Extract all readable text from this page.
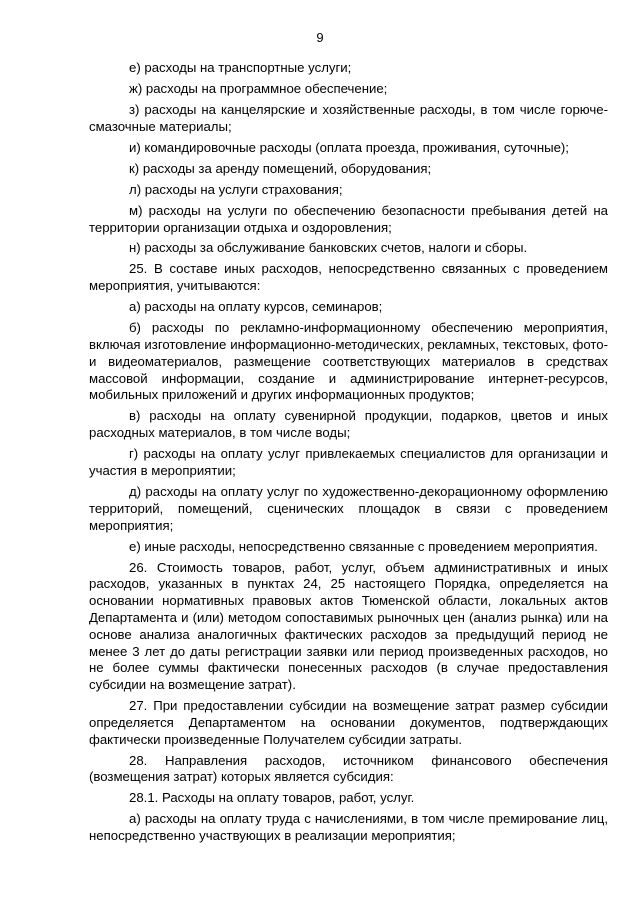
9

е) расходы на транспортные услуги;

ж) расходы на программное обеспечение;

з) расходы на канцелярские и хозяйственные расходы, в том числе горюче-смазочные материалы;

и) командировочные расходы (оплата проезда, проживания, суточные);

к) расходы за аренду помещений, оборудования;

л) расходы на услуги страхования;

м) расходы на услуги по обеспечению безопасности пребывания детей на территории организации отдыха и оздоровления;

н) расходы за обслуживание банковских счетов, налоги и сборы.

25. В составе иных расходов, непосредственно связанных с проведением мероприятия, учитываются:

а) расходы на оплату курсов, семинаров;

б) расходы по рекламно-информационному обеспечению мероприятия, включая изготовление информационно-методических, рекламных, текстовых, фото- и видеоматериалов, размещение соответствующих материалов в средствах массовой информации, создание и администрирование интернет-ресурсов, мобильных приложений и других информационных продуктов;

в) расходы на оплату сувенирной продукции, подарков, цветов и иных расходных материалов, в том числе воды;

г) расходы на оплату услуг привлекаемых специалистов для организации и участия в мероприятии;

д) расходы на оплату услуг по художественно-декорационному оформлению территорий, помещений, сценических площадок в связи с проведением мероприятия;

е) иные расходы, непосредственно связанные с проведением мероприятия.

26. Стоимость товаров, работ, услуг, объем административных и иных расходов, указанных в пунктах 24, 25 настоящего Порядка, определяется на основании нормативных правовых актов Тюменской области, локальных актов Департамента и (или) методом сопоставимых рыночных цен (анализ рынка) или на основе анализа аналогичных фактических расходов за предыдущий период не менее 3 лет до даты регистрации заявки или период произведенных расходов, но не более суммы фактически понесенных расходов (в случае предоставления субсидии на возмещение затрат).

27. При предоставлении субсидии на возмещение затрат размер субсидии определяется Департаментом на основании документов, подтверждающих фактически произведенные Получателем субсидии затраты.

28. Направления расходов, источником финансового обеспечения (возмещения затрат) которых является субсидия:

28.1. Расходы на оплату товаров, работ, услуг.

а) расходы на оплату труда с начислениями, в том числе премирование лиц, непосредственно участвующих в реализации мероприятия;
